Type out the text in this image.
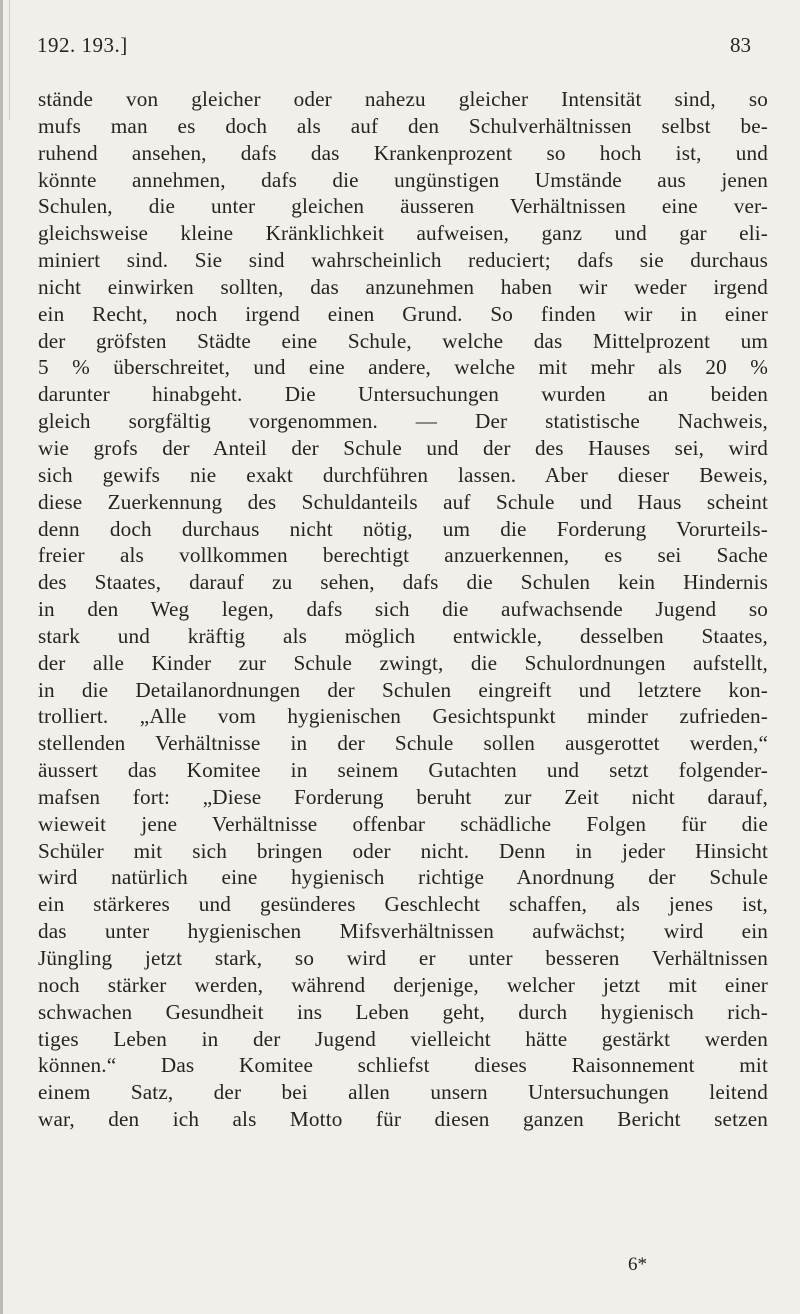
192. 193.]	83
stände von gleicher oder nahezu gleicher Intensität sind, so
mufs man es doch als auf den Schulverhältnissen selbst be-
ruhend ansehen, dafs das Krankenprozent so hoch ist, und
könnte annehmen, dafs die ungünstigen Umstände aus jenen
Schulen, die unter gleichen äusseren Verhältnissen eine ver-
gleichsweise kleine Kränklichkeit aufweisen, ganz und gar eli-
miniert sind. Sie sind wahrscheinlich reduciert; dafs sie durchaus
nicht einwirken sollten, das anzunehmen haben wir weder irgend
ein Recht, noch irgend einen Grund. So finden wir in einer
der gröfsten Städte eine Schule, welche das Mittelprozent um
5 % überschreitet, und eine andere, welche mit mehr als 20 %
darunter hinabgeht. Die Untersuchungen wurden an beiden
gleich sorgfältig vorgenommen. — Der statistische Nachweis,
wie grofs der Anteil der Schule und der des Hauses sei, wird
sich gewifs nie exakt durchführen lassen. Aber dieser Beweis,
diese Zuerkennung des Schuldanteils auf Schule und Haus scheint
denn doch durchaus nicht nötig, um die Forderung Vorurteils-
freier als vollkommen berechtigt anzuerkennen, es sei Sache
des Staates, darauf zu sehen, dafs die Schulen kein Hindernis
in den Weg legen, dafs sich die aufwachsende Jugend so
stark und kräftig als möglich entwickle, desselben Staates,
der alle Kinder zur Schule zwingt, die Schulordnungen aufstellt,
in die Detailanordnungen der Schulen eingreift und letztere kon-
trolliert. „Alle vom hygienischen Gesichtspunkt minder zufrieden-
stellenden Verhältnisse in der Schule sollen ausgerottet werden,“
äussert das Komitee in seinem Gutachten und setzt folgender-
mafsen fort: „Diese Forderung beruht zur Zeit nicht darauf,
wieweit jene Verhältnisse offenbar schädliche Folgen für die
Schüler mit sich bringen oder nicht. Denn in jeder Hinsicht
wird natürlich eine hygienisch richtige Anordnung der Schule
ein stärkeres und gesünderes Geschlecht schaffen, als jenes ist,
das unter hygienischen Mifsverhältnissen aufwächst; wird ein
Jüngling jetzt stark, so wird er unter besseren Verhältnissen
noch stärker werden, während derjenige, welcher jetzt mit einer
schwachen Gesundheit ins Leben geht, durch hygienisch rich-
tiges Leben in der Jugend vielleicht hätte gestärkt werden
können.“ Das Komitee schliefst dieses Raisonnement mit
einem Satz, der bei allen unsern Untersuchungen leitend
war, den ich als Motto für diesen ganzen Bericht setzen
6*
